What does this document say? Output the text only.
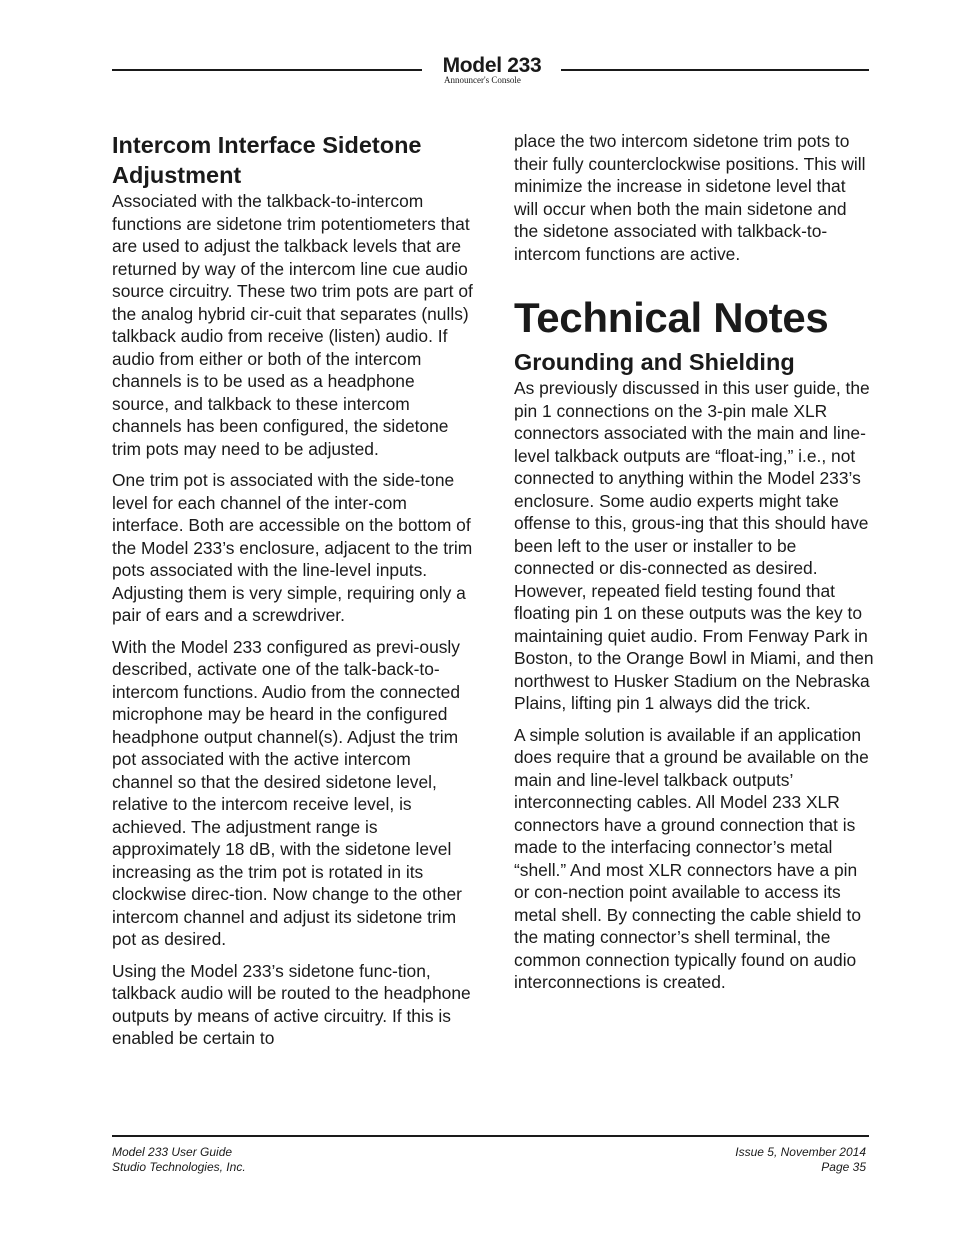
Model 233
Announcer's Console
Intercom Interface Sidetone Adjustment

Associated with the talkback-to-intercom functions are sidetone trim potentiometers that are used to adjust the talkback levels that are returned by way of the intercom line cue audio source circuitry. These two trim pots are part of the analog hybrid cir-cuit that separates (nulls) talkback audio from receive (listen) audio. If audio from either or both of the intercom channels is to be used as a headphone source, and talkback to these intercom channels has been configured, the sidetone trim pots may need to be adjusted.

One trim pot is associated with the side-tone level for each channel of the inter-com interface. Both are accessible on the bottom of the Model 233’s enclosure, adjacent to the trim pots associated with the line-level inputs. Adjusting them is very simple, requiring only a pair of ears and a screwdriver.

With the Model 233 configured as previ-ously described, activate one of the talk-back-to-intercom functions. Audio from the connected microphone may be heard in the configured headphone output channel(s). Adjust the trim pot associated with the active intercom channel so that the desired sidetone level, relative to the intercom receive level, is achieved. The adjustment range is approximately 18 dB, with the sidetone level increasing as the trim pot is rotated in its clockwise direc-tion. Now change to the other intercom channel and adjust its sidetone trim pot as desired.

Using the Model 233’s sidetone func-tion, talkback audio will be routed to the headphone outputs by means of active circuitry. If this is enabled be certain to

place the two intercom sidetone trim pots to their fully counterclockwise positions. This will minimize the increase in sidetone level that will occur when both the main sidetone and the sidetone associated with talkback-to-intercom functions are active.

Technical Notes
Grounding and Shielding

As previously discussed in this user guide, the pin 1 connections on the 3-pin male XLR connectors associated with the main and line-level talkback outputs are “float-ing,” i.e., not connected to anything within the Model 233’s enclosure. Some audio experts might take offense to this, grous-ing that this should have been left to the user or installer to be connected or dis-connected as desired. However, repeated field testing found that floating pin 1 on these outputs was the key to maintaining quiet audio. From Fenway Park in Boston, to the Orange Bowl in Miami, and then northwest to Husker Stadium on the Nebraska Plains, lifting pin 1 always did the trick.

A simple solution is available if an application does require that a ground be available on the main and line-level talkback outputs’ interconnecting cables. All Model 233 XLR connectors have a ground connection that is made to the interfacing connector’s metal “shell.” And most XLR connectors have a pin or con-nection point available to access its metal shell. By connecting the cable shield to the mating connector’s shell terminal, the common connection typically found on audio interconnections is created.

Model 233 User Guide
Studio Technologies, Inc.
Issue 5, November 2014
Page 35
